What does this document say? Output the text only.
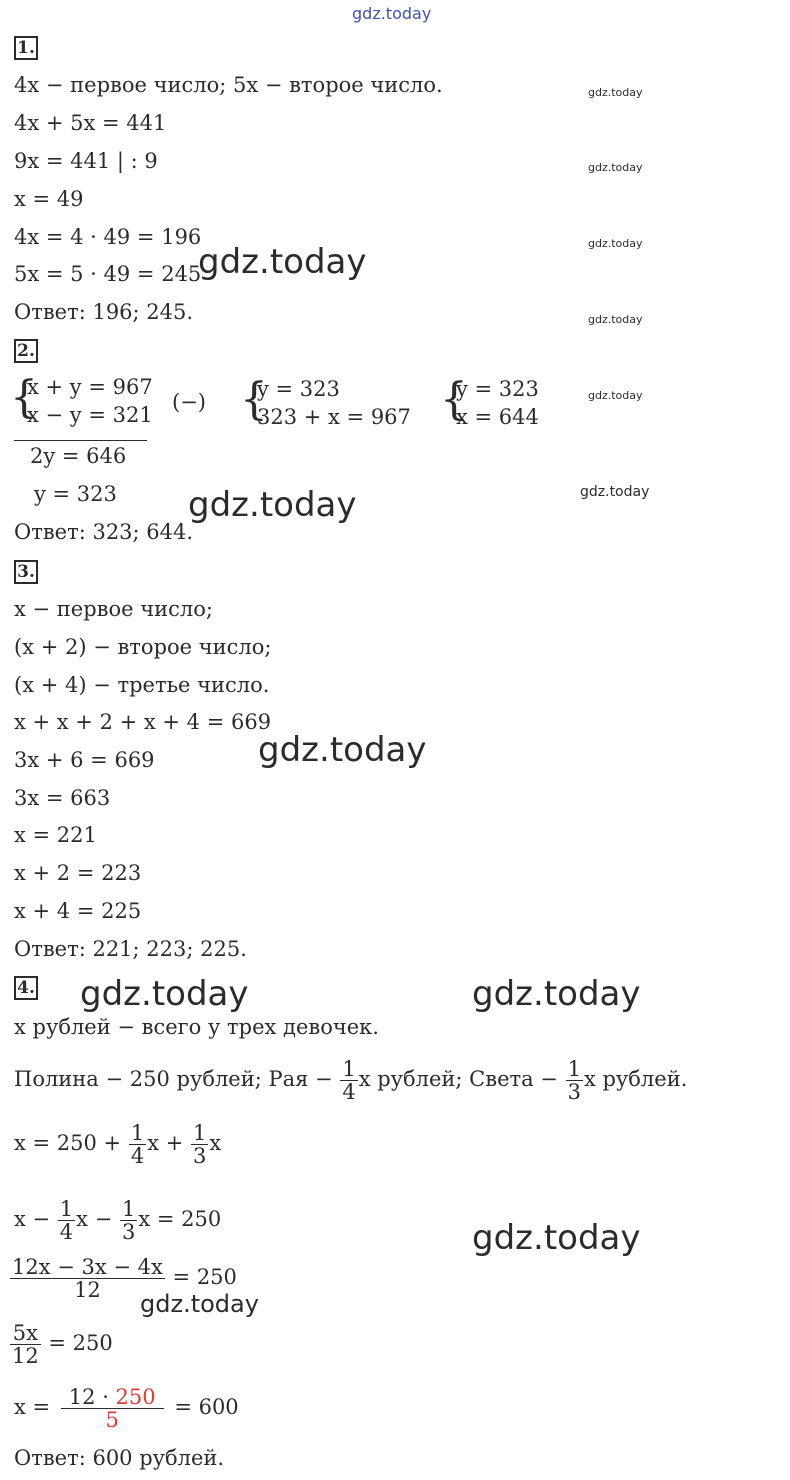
gdz.today
1.
4x − первое число; 5x − второе число.
4x + 5x = 441
9x = 441 | : 9
x = 49
4x = 4 · 49 = 196
5x = 5 · 49 = 245
Ответ: 196; 245.
2.
{
x + y = 967
x − y = 321
(−) {
y = 323
323 + x = 967 {
y = 323
x = 644
2y = 646
y = 323
Ответ: 323; 644.
3.
x − первое число;
(x + 2) − второе число;
(x + 4) − третье число.
x + x + 2 + x + 4 = 669
3x + 6 = 669
3x = 663
x = 221
x + 2 = 223
x + 4 = 225
Ответ: 221; 223; 225.
4.
x рублей − всего у трех девочек.
Полина − 250 рублей; Рая − $\frac{1}{4}$ x рублей; Света − $\frac{1}{3}$ x рублей.
$x = 250 + \frac{1}{4}$ $x + \frac{1}{3}$ x
$x - \frac{1}{4}$ $x - \frac{1}{3}$ x = 250
$\frac{12x - 3x - 4x}{12} = 250$
$\frac{5x}{12} = 250$
$x = \frac{12 \cdot 250}{5} = 600$
Ответ: 600 рублей.
gdz.today
gdz.today
gdz.today
gdz.today
gdz.today
gdz.today
gdz.today
gdz.today
gdz.today
gdz.today	gdz.today
gdz.today
gdz.today
